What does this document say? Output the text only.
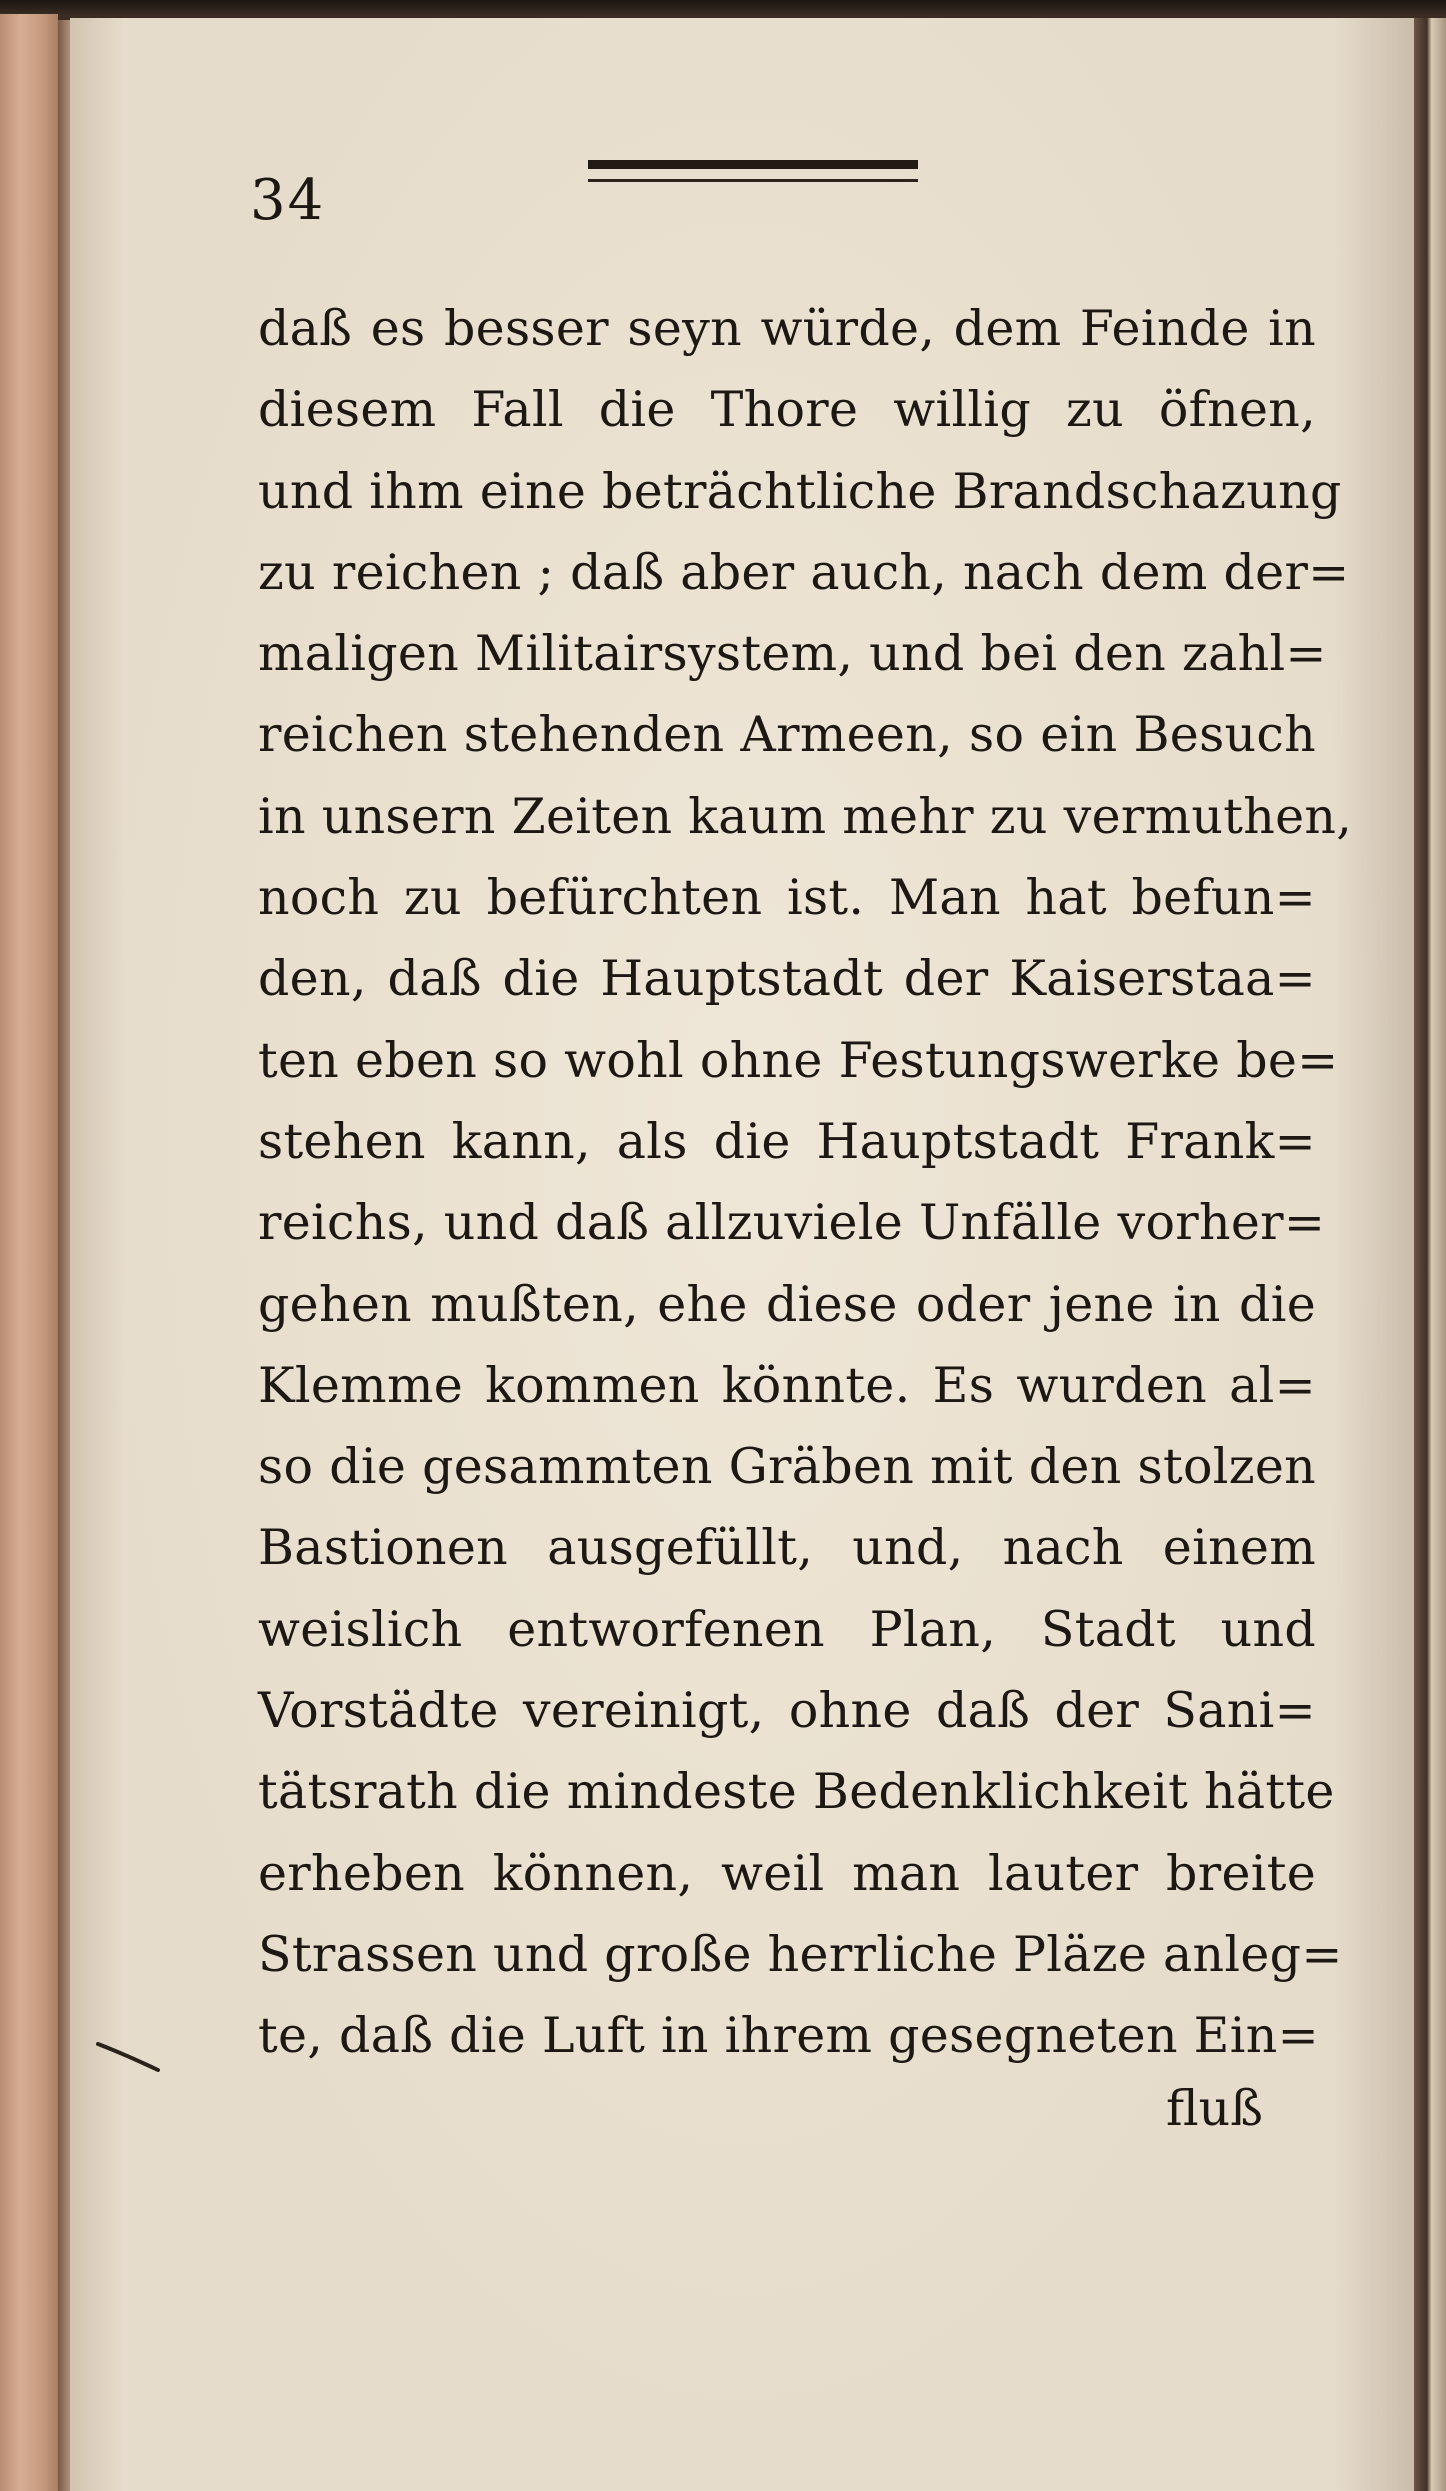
34
daß es besser seyn würde, dem Feinde in
diesem Fall die Thore willig zu öfnen,
und ihm eine beträchtliche Brandschazung
zu reichen ; daß aber auch, nach dem der=
maligen Militairsystem, und bei den zahl=
reichen stehenden Armeen, so ein Besuch
in unsern Zeiten kaum mehr zu vermuthen,
noch zu befürchten ist. Man hat befun=
den, daß die Hauptstadt der Kaiserstaa=
ten eben so wohl ohne Festungswerke be=
stehen kann, als die Hauptstadt Frank=
reichs, und daß allzuviele Unfälle vorher=
gehen mußten, ehe diese oder jene in die
Klemme kommen könnte. Es wurden al=
so die gesammten Gräben mit den stolzen
Bastionen ausgefüllt, und, nach einem
weislich entworfenen Plan, Stadt und
Vorstädte vereinigt, ohne daß der Sani=
tätsrath die mindeste Bedenklichkeit hätte
erheben können, weil man lauter breite
Strassen und große herrliche Pläze anleg=
te, daß die Luft in ihrem gesegneten Ein=
fluß
